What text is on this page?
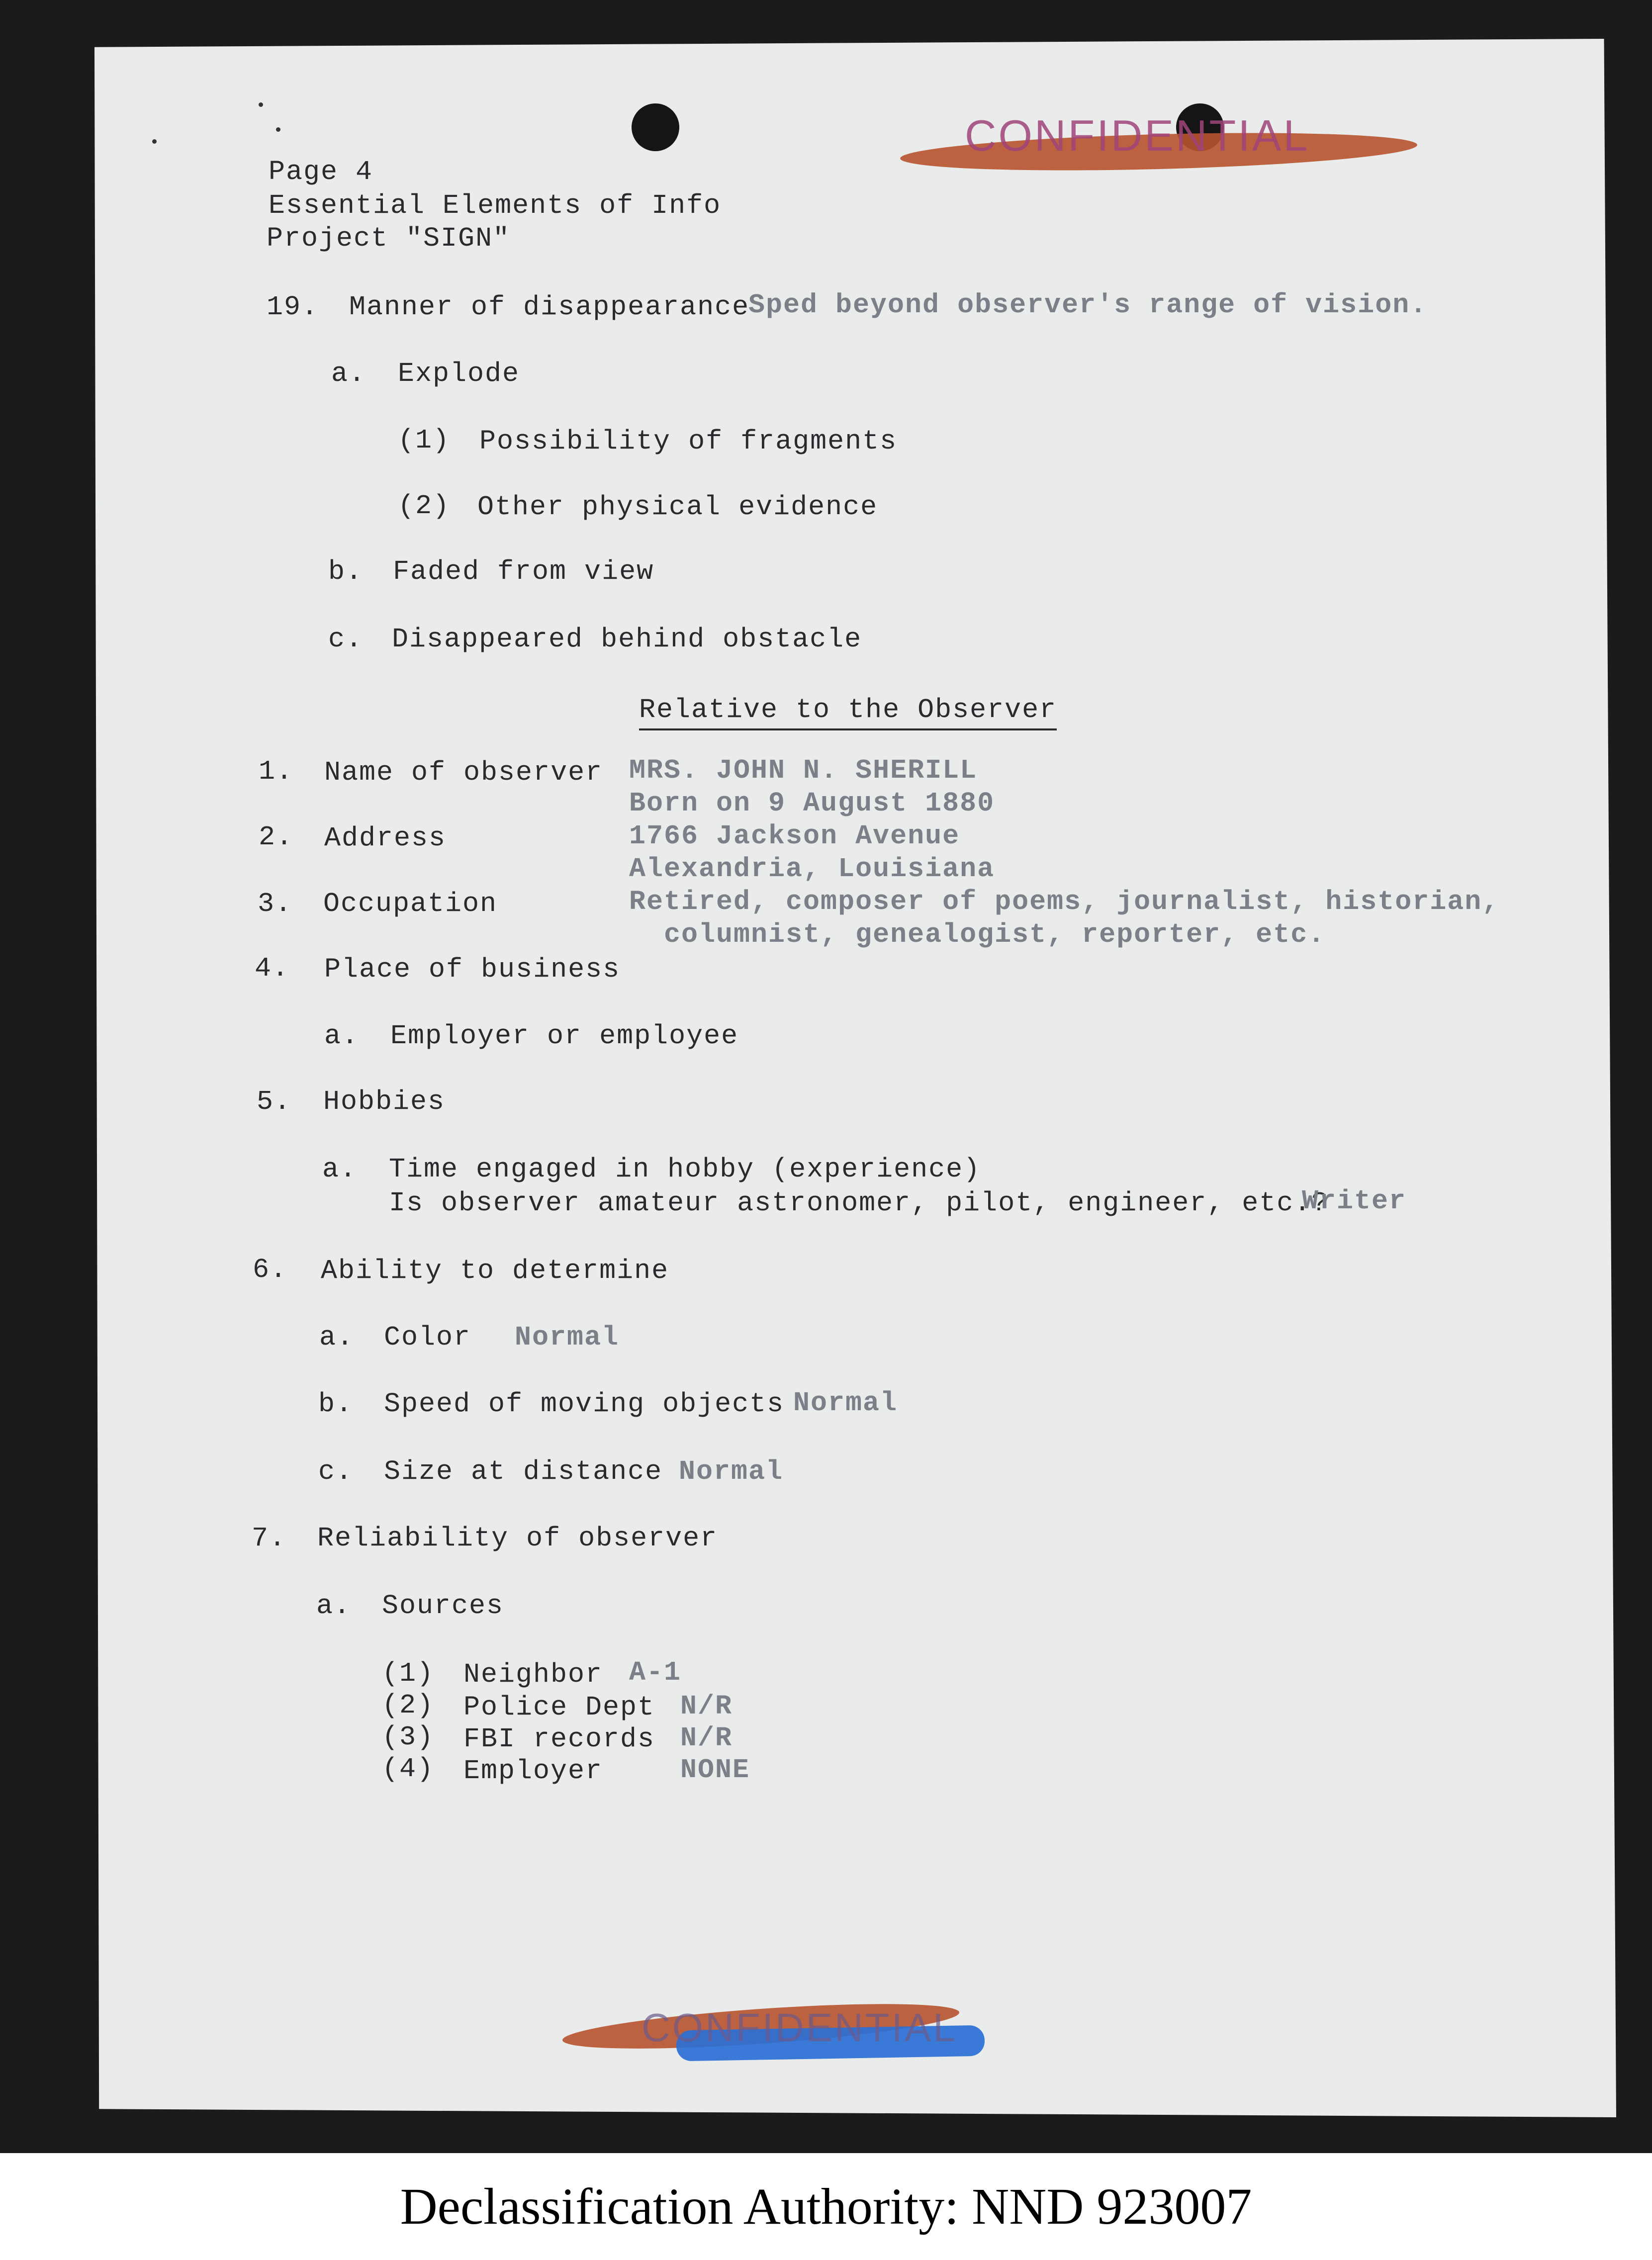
CONFIDENTIAL
Page 4
Essential Elements of Info
Project "SIGN"
19. Manner of disappearance
Sped beyond observer's range of vision.
a. Explode
(1) Possibility of fragments
(2) Other physical evidence
b. Faded from view
c. Disappeared behind obstacle
Relative to the Observer
1. Name of observer MRS. JOHN N. SHERILL
Born on 9 August 1880
2. Address	1766 Jackson Avenue
Alexandria, Louisiana
3. Occupation	Retired, composer of poems, journalist, historian,
columnist, genealogist, reporter, etc.
4. Place of business
a. Employer or employee
5. Hobbies
a. Time engaged in hobby (experience)
Is observer amateur astronomer, pilot, engineer, etc.?
Writer
6. Ability to determine
a. Color Normal
b. Speed of moving objects Normal
c. Size at distance Normal
7. Reliability of observer
a. Sources
(1) Neighbor A-1
(2) Police Dept N/R
(3) FBI records N/R
(4) Employer	NONE
CONFIDENTIAL
Declassification Authority: NND 923007
